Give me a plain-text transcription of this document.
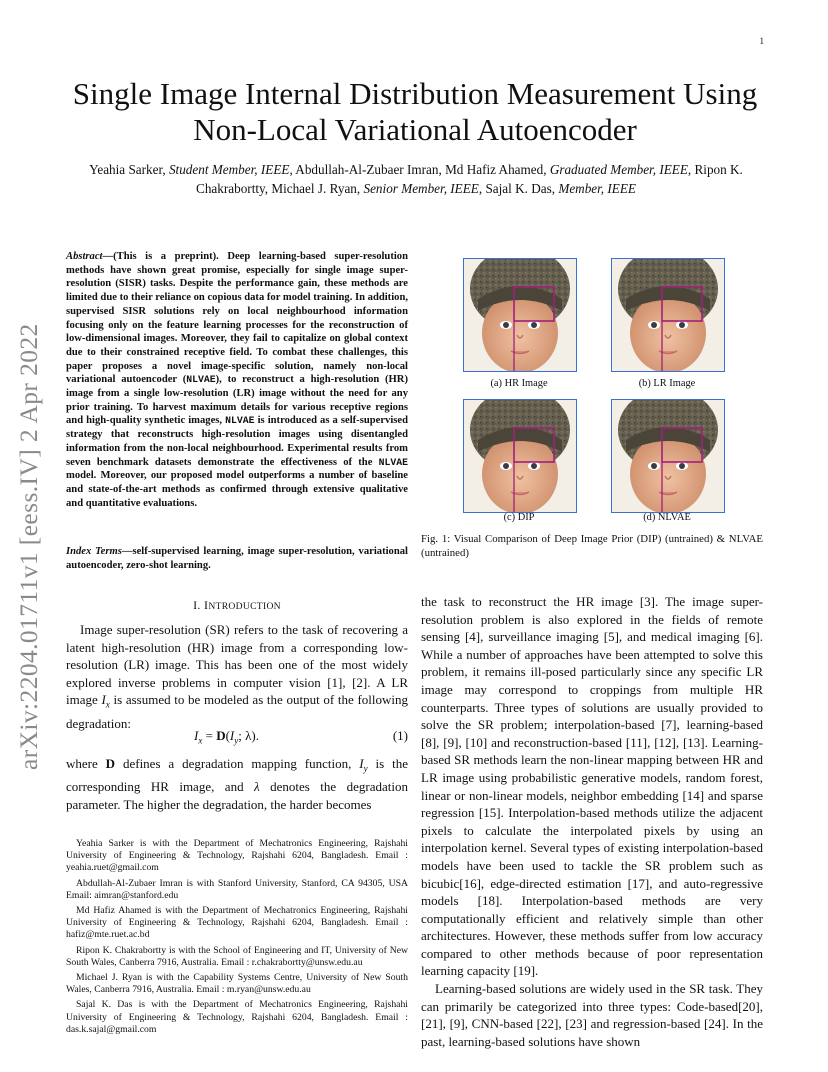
1
arXiv:2204.01711v1 [eess.IV] 2 Apr 2022
Single Image Internal Distribution Measurement Using Non-Local Variational Autoencoder
Yeahia Sarker, Student Member, IEEE, Abdullah-Al-Zubaer Imran, Md Hafiz Ahamed, Graduated Member, IEEE, Ripon K. Chakrabortty, Michael J. Ryan, Senior Member, IEEE, Sajal K. Das, Member, IEEE
Abstract—(This is a preprint). Deep learning-based super-resolution methods have shown great promise, especially for single image super-resolution (SISR) tasks. Despite the performance gain, these methods are limited due to their reliance on copious data for model training. In addition, supervised SISR solutions rely on local neighbourhood information focusing only on the feature learning processes for the reconstruction of low-dimensional images. Moreover, they fail to capitalize on global context due to their constrained receptive field. To combat these challenges, this paper proposes a novel image-specific solution, namely non-local variational autoencoder (NLVAE), to reconstruct a high-resolution (HR) image from a single low-resolution (LR) image without the need for any prior training. To harvest maximum details for various receptive regions and high-quality synthetic images, NLVAE is introduced as a self-supervised strategy that reconstructs high-resolution images using disentangled information from the non-local neighbourhood. Experimental results from seven benchmark datasets demonstrate the effectiveness of the NLVAE model. Moreover, our proposed model outperforms a number of baseline and state-of-the-art methods as confirmed through extensive qualitative and quantitative evaluations.
Index Terms—self-supervised learning, image super-resolution, variational autoencoder, zero-shot learning.
I. INTRODUCTION
Image super-resolution (SR) refers to the task of recovering a latent high-resolution (HR) image from a corresponding low-resolution (LR) image. This has been one of the most widely explored inverse problems in computer vision [1], [2]. A LR image $I_x$ is assumed to be modeled as the output of the following degradation:
$I_x = D(I_y$; λ).	(1)
where D defines a degradation mapping function, $I_y$ is the corresponding HR image, and λ denotes the degradation parameter. The higher the degradation, the harder becomes

Yeahia Sarker is with the Department of Mechatronics Engineering, Rajshahi University of Engineering & Technology, Rajshahi 6204, Bangladesh. Email : yeahia.ruet@gmail.com

Abdullah-Al-Zubaer Imran is with Stanford University, Stanford, CA 94305, USA Email: aimran@stanford.edu

Md Hafiz Ahamed is with the Department of Mechatronics Engineering, Rajshahi University of Engineering & Technology, Rajshahi 6204, Bangladesh. Email : hafiz@mte.ruet.ac.bd

Ripon K. Chakrabortty is with the School of Engineering and IT, University of New South Wales, Canberra 7916, Australia. Email : r.chakrabortty@unsw.edu.au

Michael J. Ryan is with the Capability Systems Centre, University of New South Wales, Canberra 7916, Australia. Email : m.ryan@unsw.edu.au

Sajal K. Das is with the Department of Mechatronics Engineering, Rajshahi University of Engineering & Technology, Rajshahi 6204, Bangladesh. Email : das.k.sajal@gmail.com

(a) HR Image	(b) LR Image
(c) DIP	(d) NLVAE
Fig. 1: Visual Comparison of Deep Image Prior (DIP) (untrained) & NLVAE (untrained)

the task to reconstruct the HR image [3]. The image super-resolution problem is also explored in the fields of remote sensing [4], surveillance imaging [5], and medical imaging [6]. While a number of approaches have been attempted to solve this problem, it remains ill-posed particularly since any specific LR image may correspond to croppings from multiple HR counterparts. Three types of solutions are usually provided to solve the SR problem; interpolation-based [7], learning-based [8], [9], [10] and reconstruction-based [11], [12], [13]. Learning-based SR methods learn the non-linear mapping between HR and LR image using probabilistic generative models, random forest, linear or non-linear models, neighbor embedding [14] and sparse regression [15]. Interpolation-based methods utilize the adjacent pixels to calculate the interpolated pixels by using an interpolation kernel. Several types of existing interpolation-based models have been used to tackle the SR problem such as bicubic[16], edge-directed estimation [17], and auto-regressive models [18]. Interpolation-based methods are very computationally efficient and relatively simple than other architectures. However, these methods suffer from low accuracy compared to other methods because of poor representation learning capacity [19].

Learning-based solutions are widely used in the SR task. They can primarily be categorized into three types: Code-based[20], [21], [9], CNN-based [22], [23] and regression-based [24]. In the past, learning-based solutions have shown
